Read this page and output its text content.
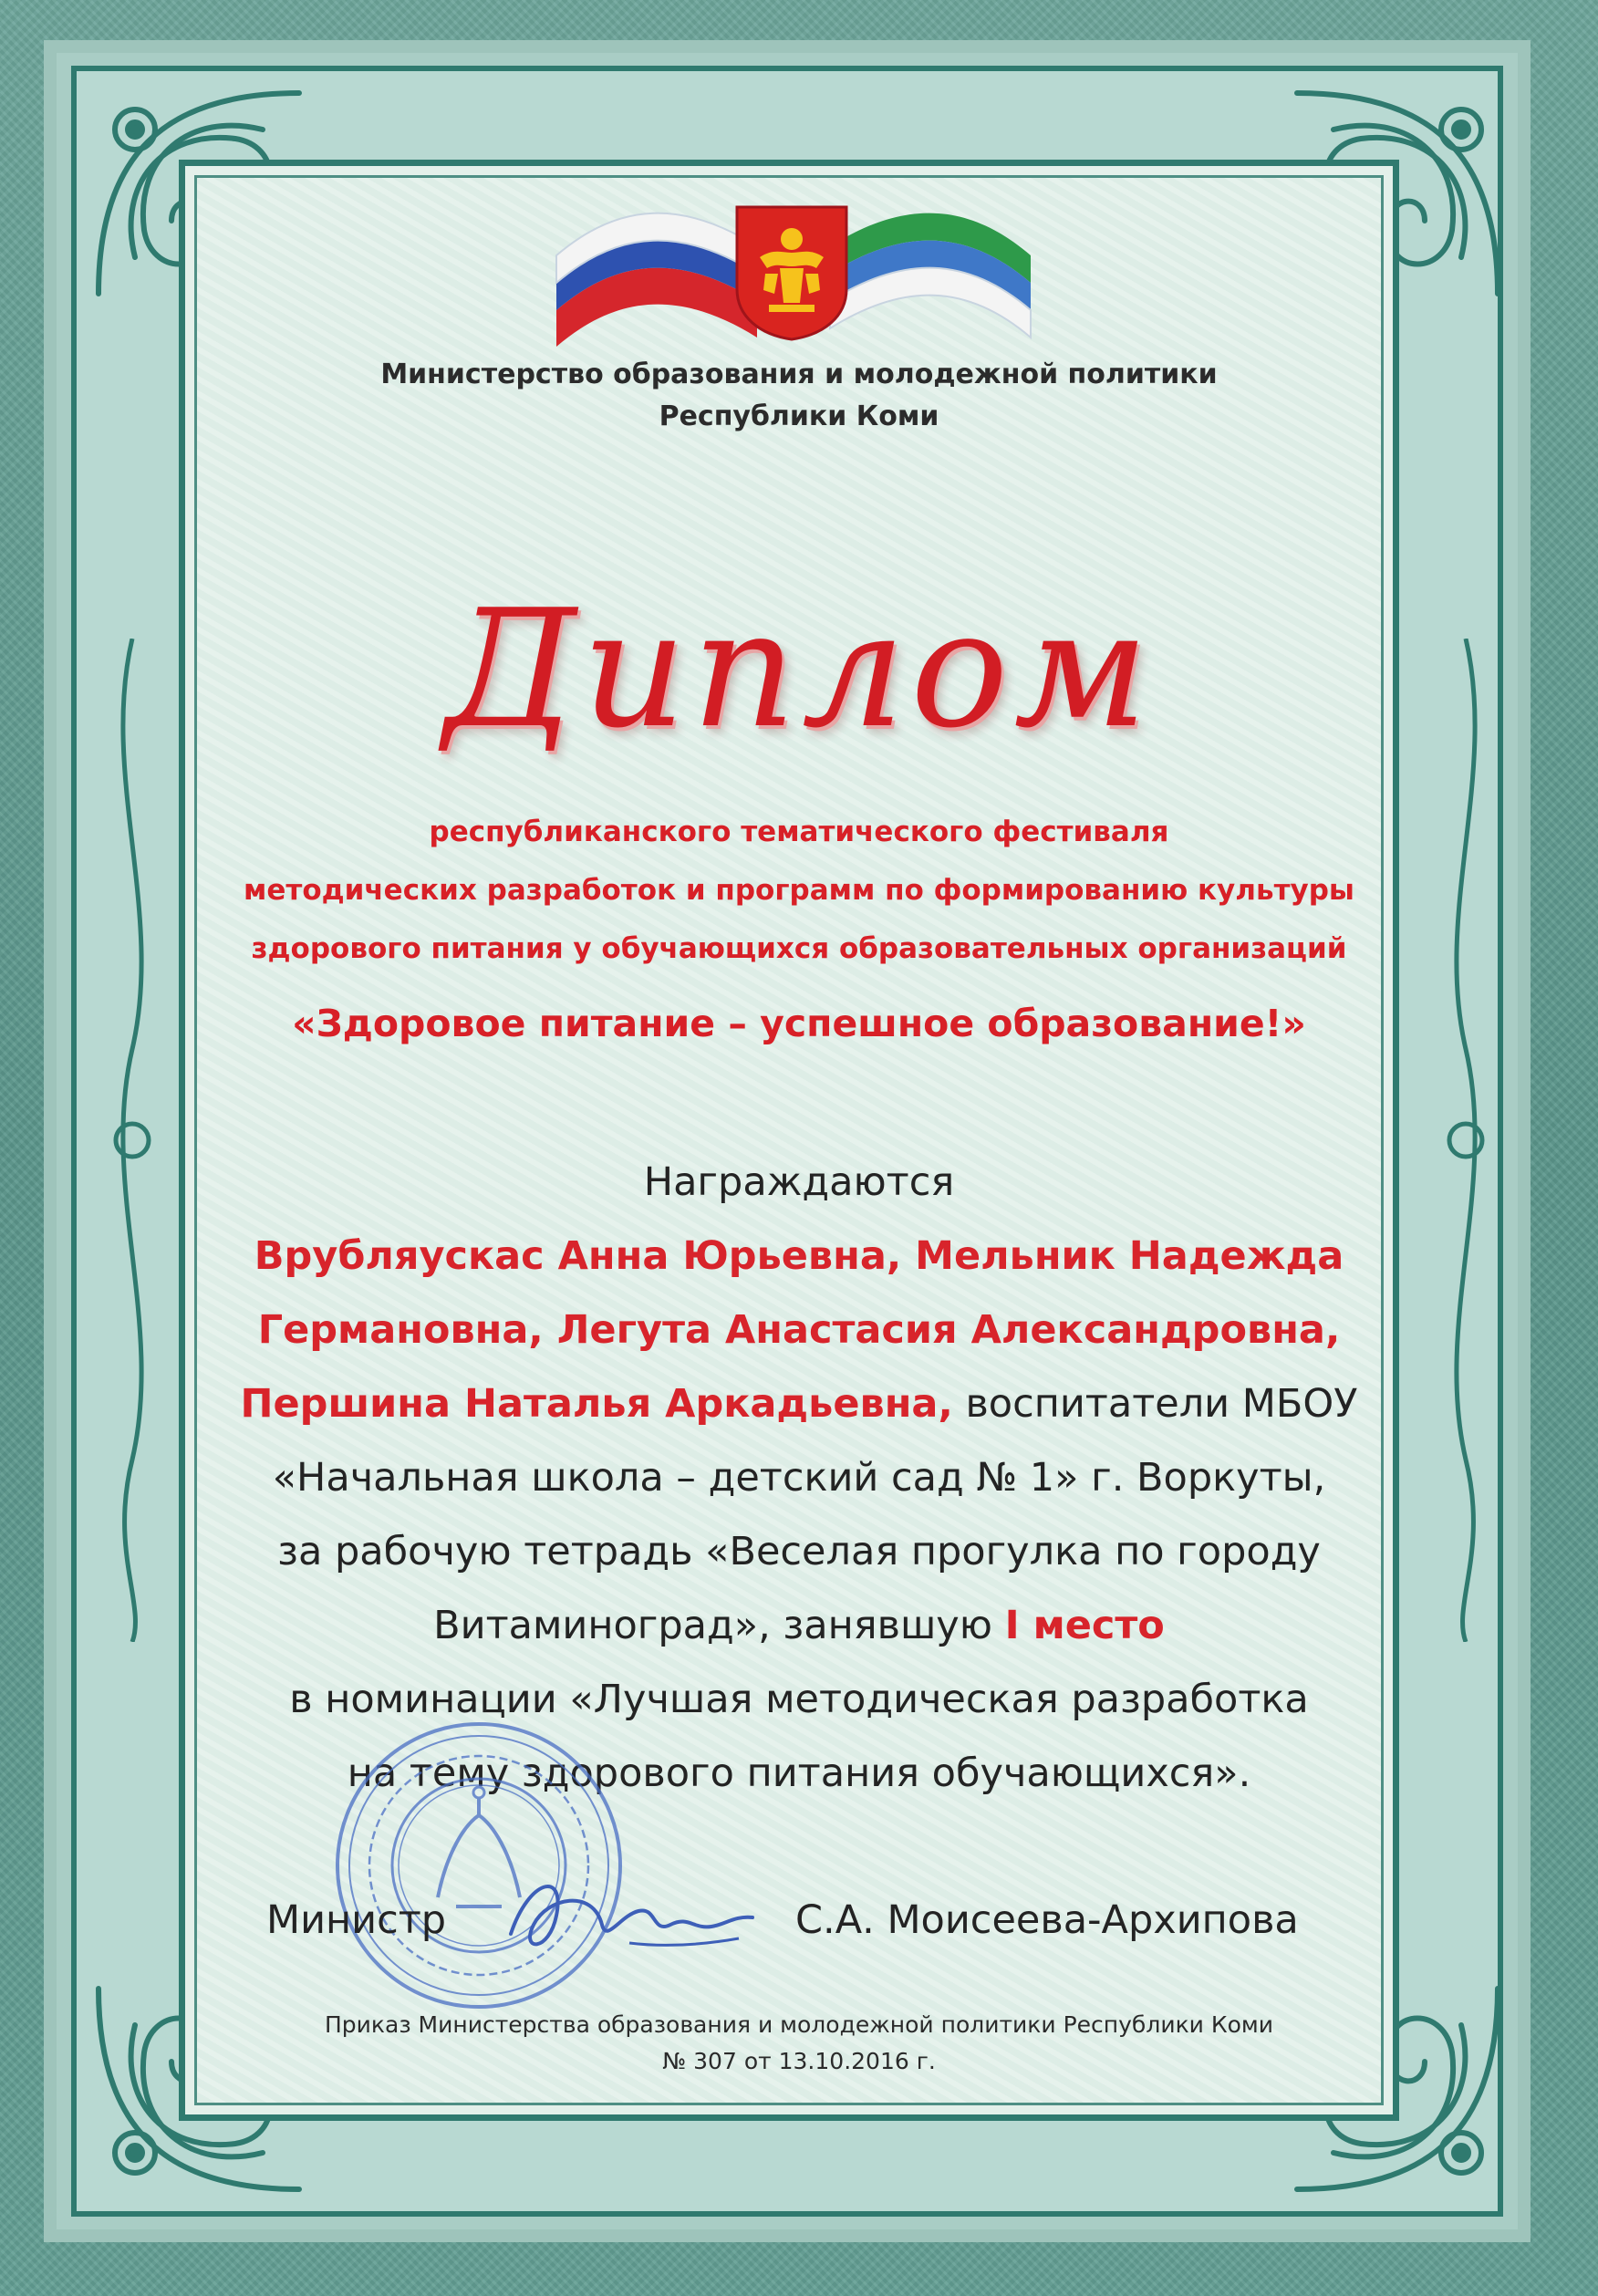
Министерство образования и молодежной политики
Республики Коми
Диплом
республиканского тематического фестиваля
методических разработок и программ по формированию культуры
здорового питания у обучающихся образовательных организаций
«Здоровое питание – успешное образование!»
Награждаются
Врубляускас Анна Юрьевна, Мельник Надежда
Германовна, Легута Анастасия Александровна,
Першина Наталья Аркадьевна, воспитатели МБОУ
«Начальная школа – детский сад № 1» г. Воркуты,
за рабочую тетрадь «Веселая прогулка по городу
Витаминоград», занявшую I место
в номинации «Лучшая методическая разработка
на тему здорового питания обучающихся».
Министр	С.А. Моисеева-Архипова
Приказ Министерства образования и молодежной политики Республики Коми
№ 307 от 13.10.2016 г.
